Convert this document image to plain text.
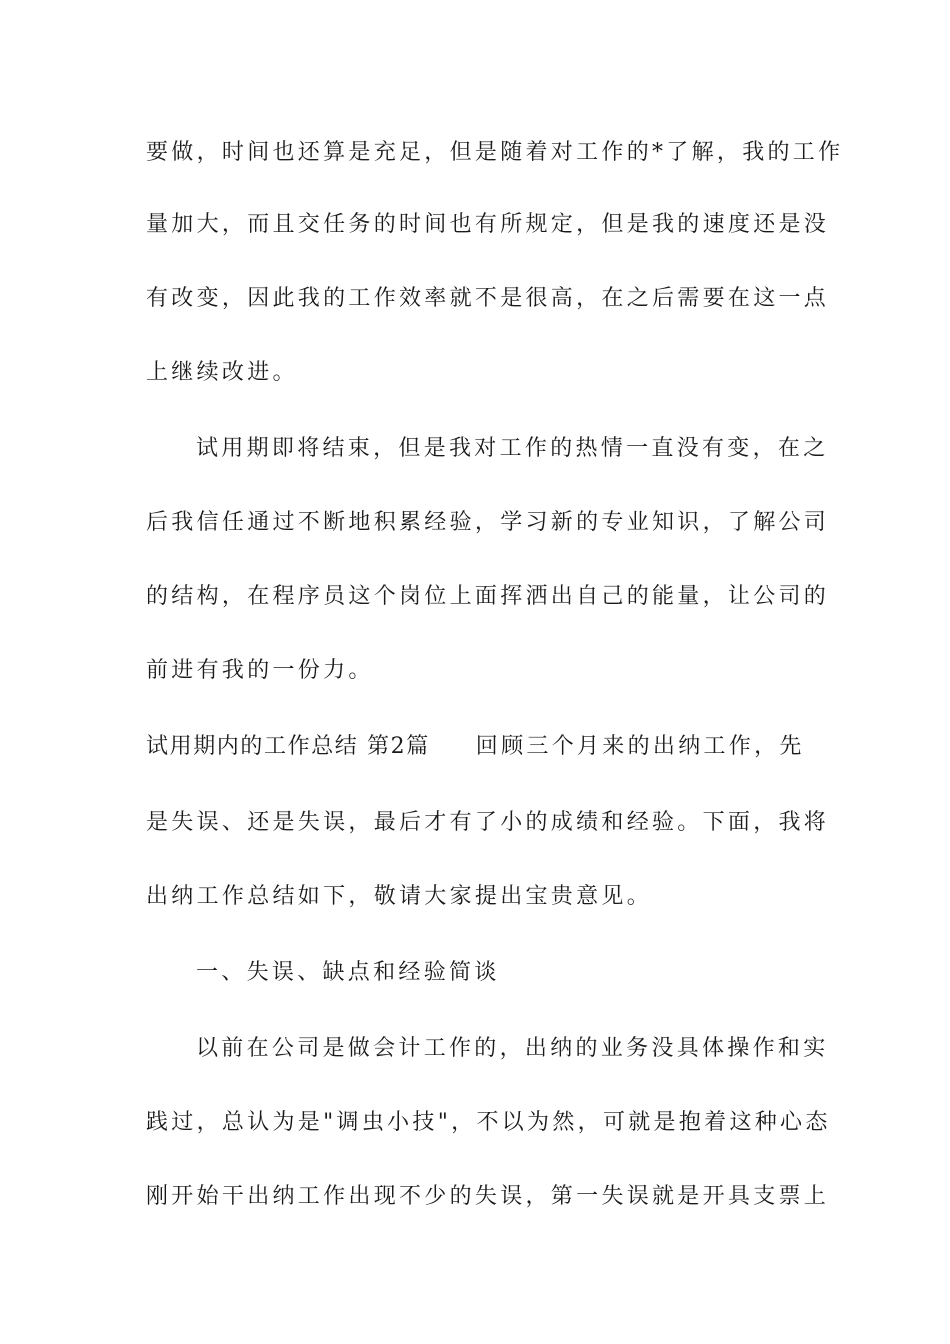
要做，时间也还算是充足，但是随着对工作的*了解，我的工作
量加大，而且交任务的时间也有所规定，但是我的速度还是没
有改变，因此我的工作效率就不是很高，在之后需要在这一点
上继续改进。
试用期即将结束，但是我对工作的热情一直没有变，在之
后我信任通过不断地积累经验，学习新的专业知识，了解公司
的结构，在程序员这个岗位上面挥洒出自己的能量，让公司的
前进有我的一份力。
试用期内的工作总结 第2篇 回顾三个月来的出纳工作，先
是失误、还是失误，最后才有了小的成绩和经验。下面，我将
出纳工作总结如下，敬请大家提出宝贵意见。
一、失误、缺点和经验简谈
以前在公司是做会计工作的，出纳的业务没具体操作和实
践过，总认为是"调虫小技"，不以为然，可就是抱着这种心态
刚开始干出纳工作出现不少的失误，第一失误就是开具支票上
